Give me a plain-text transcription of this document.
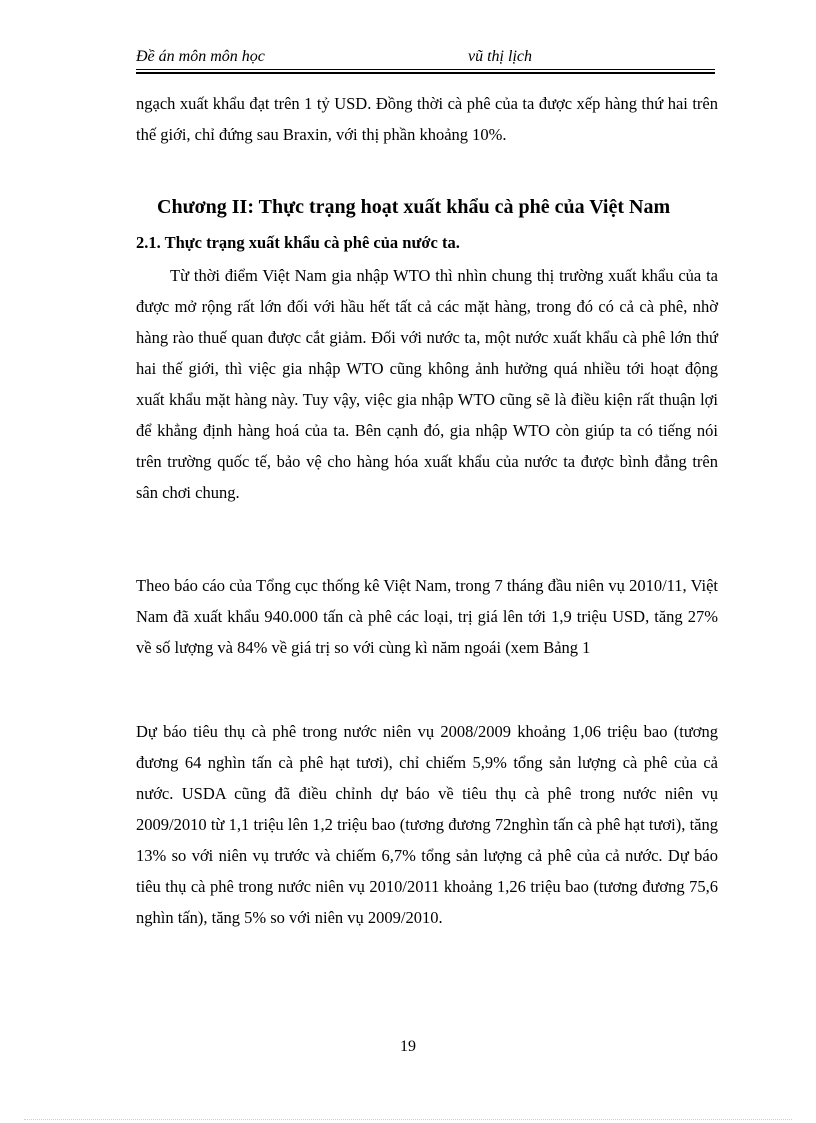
Đề án môn môn học	vũ thị lịch

ngạch xuất khẩu đạt trên 1 tỷ USD. Đồng thời cà phê của ta được xếp hàng thứ hai trên thế giới, chỉ đứng sau Braxin, với thị phần khoảng 10%.

Chương II: Thực trạng hoạt xuất khẩu cà phê của Việt Nam
2.1. Thực trạng xuất khẩu cà phê của nước ta.

Từ thời điểm Việt Nam gia nhập WTO thì nhìn chung thị trường xuất khẩu của ta được mở rộng rất lớn đối với hầu hết tất cả các mặt hàng, trong đó có cả cà phê, nhờ hàng rào thuế quan được cắt giảm. Đối với nước ta, một nước xuất khẩu cà phê lớn thứ hai thế giới, thì việc gia nhập WTO cũng không ảnh hưởng quá nhiều tới hoạt động xuất khẩu mặt hàng này. Tuy vậy, việc gia nhập WTO cũng sẽ là điều kiện rất thuận lợi để khẳng định hàng hoá của ta. Bên cạnh đó, gia nhập WTO còn giúp ta có tiếng nói trên trường quốc tế, bảo vệ cho hàng hóa xuất khẩu của nước ta được bình đẳng trên sân chơi chung.

Theo báo cáo của Tổng cục thống kê Việt Nam, trong 7 tháng đầu niên vụ 2010/11, Việt Nam đã xuất khẩu 940.000 tấn cà phê các loại, trị giá lên tới 1,9 triệu USD, tăng 27% về số lượng và 84% về giá trị so với cùng kì năm ngoái (xem Bảng 1

Dự báo tiêu thụ cà phê trong nước niên vụ 2008/2009 khoảng 1,06 triệu bao (tương đương 64 nghìn tấn cà phê hạt tươi), chỉ chiếm 5,9% tổng sản lượng cà phê của cả nước. USDA cũng đã điều chỉnh dự báo về tiêu thụ cà phê trong nước niên vụ 2009/2010 từ 1,1 triệu lên 1,2 triệu bao (tương đương 72nghìn tấn cà phê hạt tươi), tăng 13% so với niên vụ trước và chiếm 6,7% tổng sản lượng cả phê của cả nước. Dự báo tiêu thụ cà phê trong nước niên vụ 2010/2011 khoảng 1,26 triệu bao (tương đương 75,6 nghìn tấn), tăng 5% so với niên vụ 2009/2010.

19
